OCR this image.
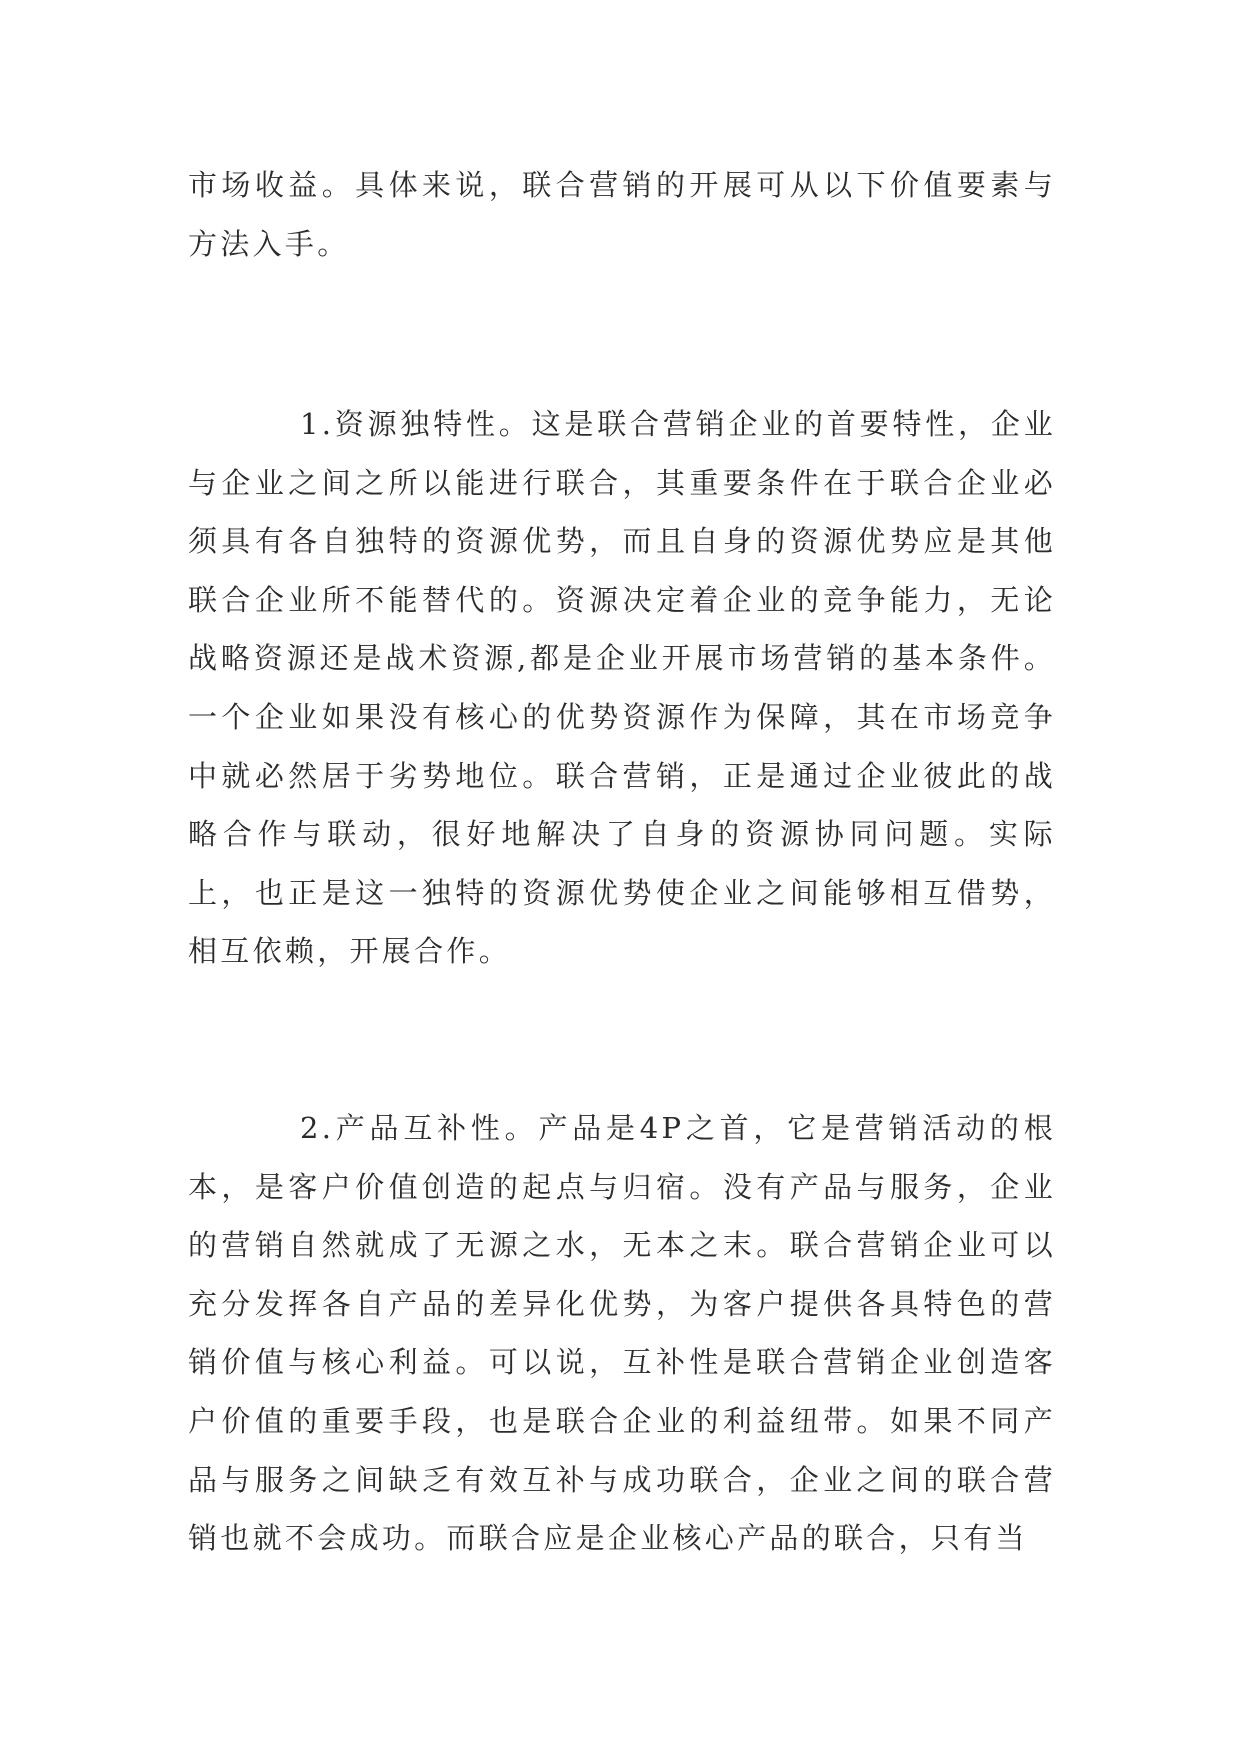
市场收益。具体来说，联合营销的开展可从以下价值要素与方法入手。

1.资源独特性。这是联合营销企业的首要特性，企业与企业之间之所以能进行联合，其重要条件在于联合企业必须具有各自独特的资源优势，而且自身的资源优势应是其他联合企业所不能替代的。资源决定着企业的竞争能力，无论战略资源还是战术资源,都是企业开展市场营销的基本条件。一个企业如果没有核心的优势资源作为保障，其在市场竞争中就必然居于劣势地位。联合营销，正是通过企业彼此的战略合作与联动，很好地解决了自身的资源协同问题。实际上，也正是这一独特的资源优势使企业之间能够相互借势，相互依赖，开展合作。

2.产品互补性。产品是4P之首，它是营销活动的根本，是客户价值创造的起点与归宿。没有产品与服务，企业的营销自然就成了无源之水，无本之末。联合营销企业可以充分发挥各自产品的差异化优势，为客户提供各具特色的营销价值与核心利益。可以说，互补性是联合营销企业创造客户价值的重要手段，也是联合企业的利益纽带。如果不同产品与服务之间缺乏有效互补与成功联合，企业之间的联合营销也就不会成功。而联合应是企业核心产品的联合，只有当
